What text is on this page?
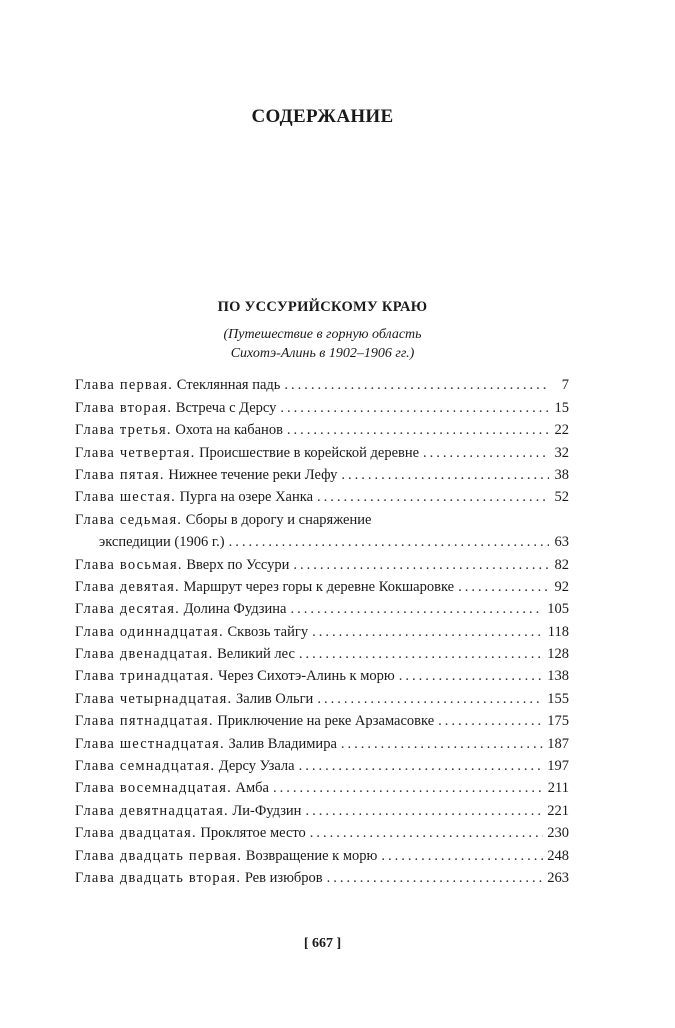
СОДЕРЖАНИЕ
ПО УССУРИЙСКОМУ КРАЮ
(Путешествие в горную область
Сихотэ-Алинь в 1902–1906 гг.)
Глава первая. Стеклянная падь .....	7
Глава вторая. Встреча с Дерсу .....	15
Глава третья. Охота на кабанов .....	22
Глава четвертая. Происшествие в корейской деревне .....	32
Глава пятая. Нижнее течение реки Лефу .....	38
Глава шестая. Пурга на озере Ханка .....	52
Глава седьмая. Сборы в дорогу и снаряжение
экспедиции (1906 г.) .....	63
Глава восьмая. Вверх по Уссури .....	82
Глава девятая. Маршрут через горы к деревне Кокшаровке .....	92
Глава десятая. Долина Фудзина .....	105
Глава одиннадцатая. Сквозь тайгу .....	118
Глава двенадцатая. Великий лес .....	128
Глава тринадцатая. Через Сихотэ-Алинь к морю .....	138
Глава четырнадцатая. Залив Ольги .....	155
Глава пятнадцатая. Приключение на реке Арзамасовке .....	175
Глава шестнадцатая. Залив Владимира .....	187
Глава семнадцатая. Дерсу Узала .....	197
Глава восемнадцатая. Амба .....	211
Глава девятнадцатая. Ли-Фудзин .....	221
Глава двадцатая. Проклятое место .....	230
Глава двадцать первая. Возвращение к морю .....	248
Глава двадцать вторая. Рев изюбров .....	263
[ 667 ]
